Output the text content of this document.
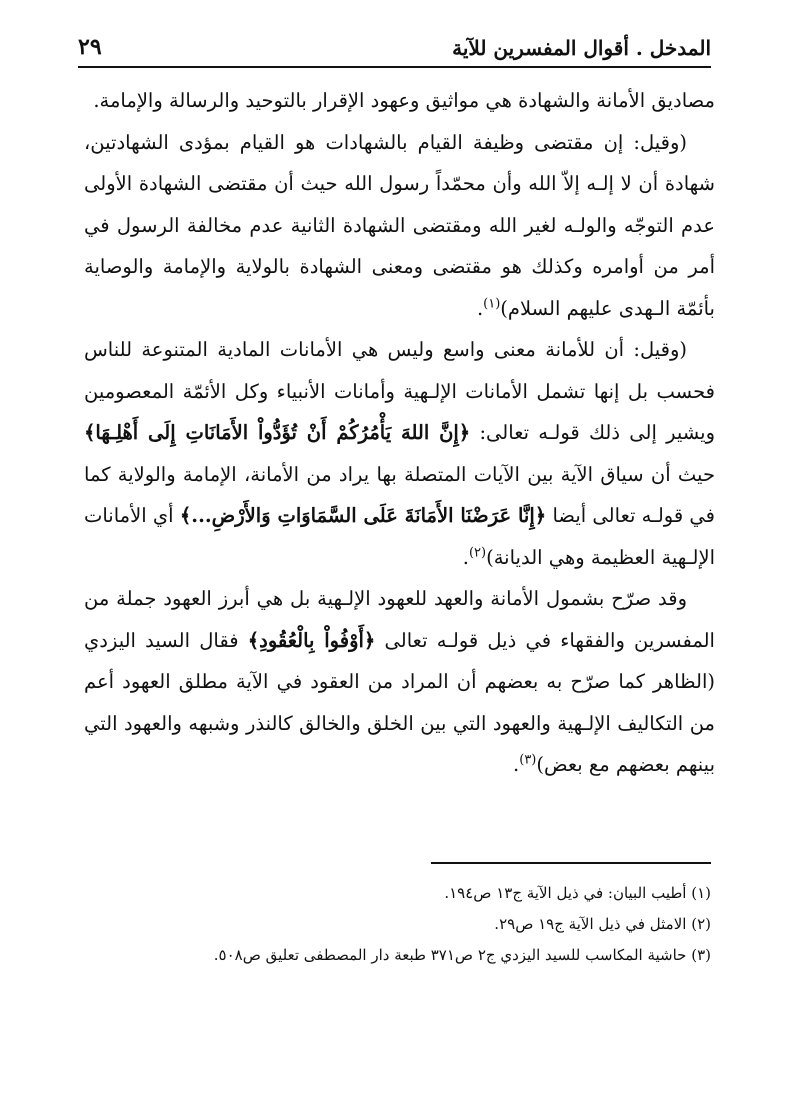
المدخل . أقوال المفسرين للآية
٢٩

مصاديق الأمانة والشهادة هي مواثيق وعهود الإقرار بالتوحيد والرسالة والإمامة.

(وقيل: إن مقتضى وظيفة القيام بالشهادات هو القيام بمؤدى الشهادتين، شهادة أن لا إلـه إلاّ الله وأن محمّداً رسول الله حيث أن مقتضى الشهادة الأولى عدم التوجّه والولـه لغير الله ومقتضى الشهادة الثانية عدم مخالفة الرسول في أمر من أوامره وكذلك هو مقتضى ومعنى الشهادة بالولاية والإمامة والوصاية بأئمّة الـهدى عليهم السلام)$^{(١)}$.

(وقيل: أن للأمانة معنى واسع وليس هي الأمانات المادية المتنوعة للناس فحسب بل إنها تشمل الأمانات الإلـهية وأمانات الأنبياء وكل الأئمّة المعصومين ويشير إلى ذلك قولـه تعالى: ﴿إِنَّ اللهَ يَأْمُرُكُمْ أَنْ تُؤَدُّواْ الأَمَانَاتِ إِلَى أَهْلِـهَا﴾ حيث أن سياق الآية بين الآيات المتصلة بها يراد من الأمانة، الإمامة والولاية كما في قولـه تعالى أيضا ﴿إِنَّا عَرَضْنَا الأَمَانَةَ عَلَى السَّمَاوَاتِ وَالأَرْضِ...﴾ أي الأمانات الإلـهية العظيمة وهي الديانة)$^{(٢)}$.

وقد صرّح بشمول الأمانة والعهد للعهود الإلـهية بل هي أبرز العهود جملة من المفسرين والفقهاء في ذيل قولـه تعالى ﴿أَوْفُواْ بِالْعُقُودِ﴾ فقال السيد اليزدي (الظاهر كما صرّح به بعضهم أن المراد من العقود في الآية مطلق العهود أعم من التكاليف الإلـهية والعهود التي بين الخلق والخالق كالنذر وشبهه والعهود التي بينهم بعضهم مع بعض)$^{(٣)}$.

(١) أطيب البيان: في ذيل الآية ج١٣ ص١٩٤.

(٢) الامثل في ذيل الآية ج١٩ ص٢٩.

(٣) حاشية المكاسب للسيد اليزدي ج٢ ص٣٧١ طبعة دار المصطفى تعليق ص٥٠٨.
